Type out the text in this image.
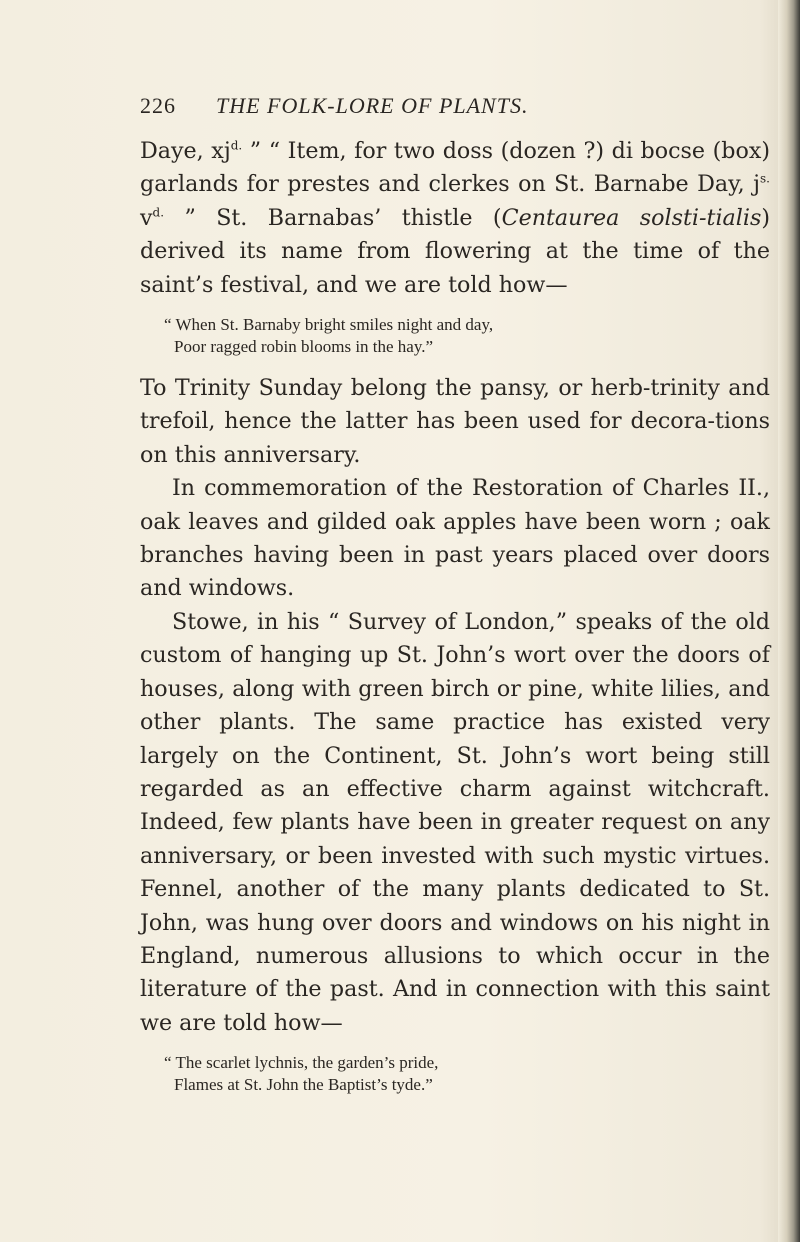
226 THE FOLK-LORE OF PLANTS.

Daye, $xj^{d.}$ ” “ Item, for two doss (dozen ?) di bocse (box) garlands for prestes and clerkes on St. Barnabe Day, $j^{s.}$ $v^{d.}$ ” St. Barnabas’ thistle (Centaurea solsti-tialis) derived its name from flowering at the time of the saint’s festival, and we are told how—

“ When St. Barnaby bright smiles night and day,
Poor ragged robin blooms in the hay.”

To Trinity Sunday belong the pansy, or herb-trinity and trefoil, hence the latter has been used for decora-tions on this anniversary.

In commemoration of the Restoration of Charles II., oak leaves and gilded oak apples have been worn ; oak branches having been in past years placed over doors and windows.

Stowe, in his “ Survey of London,” speaks of the old custom of hanging up St. John’s wort over the doors of houses, along with green birch or pine, white lilies, and other plants. The same practice has existed very largely on the Continent, St. John’s wort being still regarded as an effective charm against witchcraft. Indeed, few plants have been in greater request on any anniversary, or been invested with such mystic virtues. Fennel, another of the many plants dedicated to St. John, was hung over doors and windows on his night in England, numerous allusions to which occur in the literature of the past. And in connection with this saint we are told how—

“ The scarlet lychnis, the garden’s pride,
Flames at St. John the Baptist’s tyde.”
